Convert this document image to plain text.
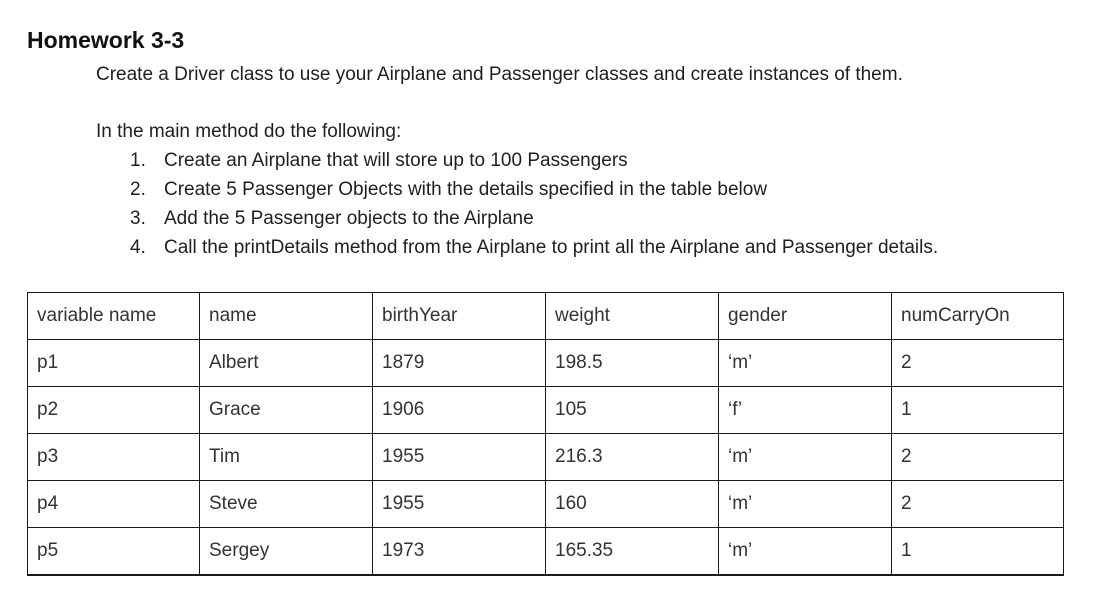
Homework 3-3

Create a Driver class to use your Airplane and Passenger classes and create instances of them.

In the main method do the following:

1. Create an Airplane that will store up to 100 Passengers
2. Create 5 Passenger Objects with the details specified in the table below
3. Add the 5 Passenger objects to the Airplane
4. Call the printDetails method from the Airplane to print all the Airplane and Passenger details.
variable name	name	birthYear	weight	gender	numCarryOn
p1	Albert	1879	198.5	‘m’	2
p2	Grace	1906	105	‘f’	1
p3	Tim	1955	216.3	‘m’	2
p4	Steve	1955	160	‘m’	2
p5	Sergey	1973	165.35	‘m’	1
